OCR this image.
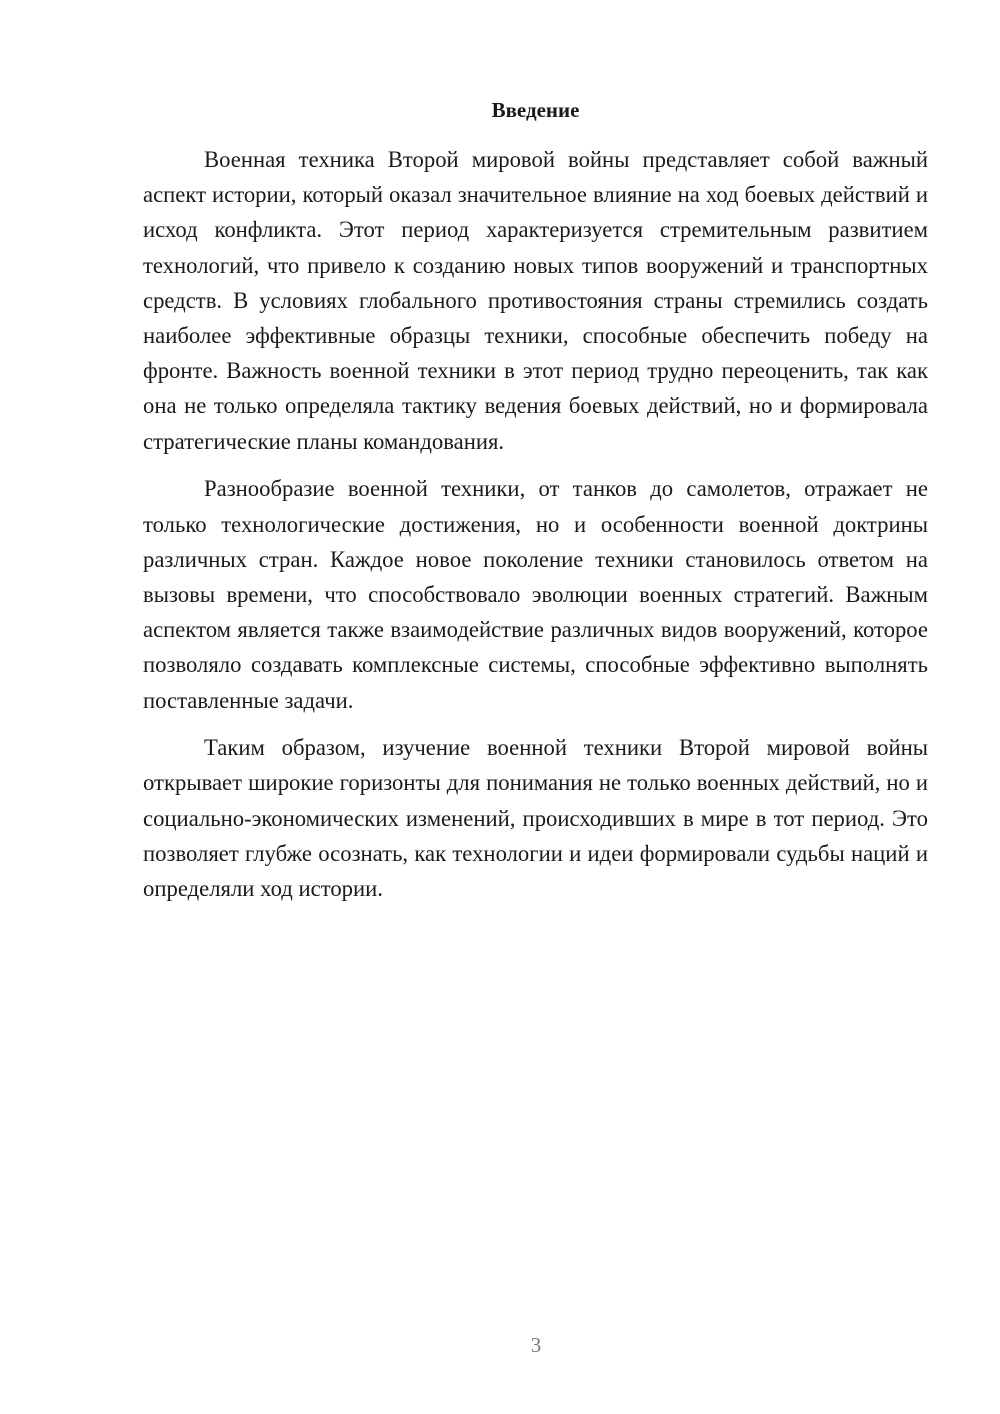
Введение

Военная техника Второй мировой войны представляет собой важный аспект истории, который оказал значительное влияние на ход боевых действий и исход конфликта. Этот период характеризуется стремительным развитием технологий, что привело к созданию новых типов вооружений и транспортных средств. В условиях глобального противостояния страны стремились создать наиболее эффективные образцы техники, способные обеспечить победу на фронте. Важность военной техники в этот период трудно переоценить, так как она не только определяла тактику ведения боевых действий, но и формировала стратегические планы командования.

Разнообразие военной техники, от танков до самолетов, отражает не только технологические достижения, но и особенности военной доктрины различных стран. Каждое новое поколение техники становилось ответом на вызовы времени, что способствовало эволюции военных стратегий. Важным аспектом является также взаимодействие различных видов вооружений, которое позволяло создавать комплексные системы, способные эффективно выполнять поставленные задачи.

Таким образом, изучение военной техники Второй мировой войны открывает широкие горизонты для понимания не только военных действий, но и социально-экономических изменений, происходивших в мире в тот период. Это позволяет глубже осознать, как технологии и идеи формировали судьбы наций и определяли ход истории.

3
